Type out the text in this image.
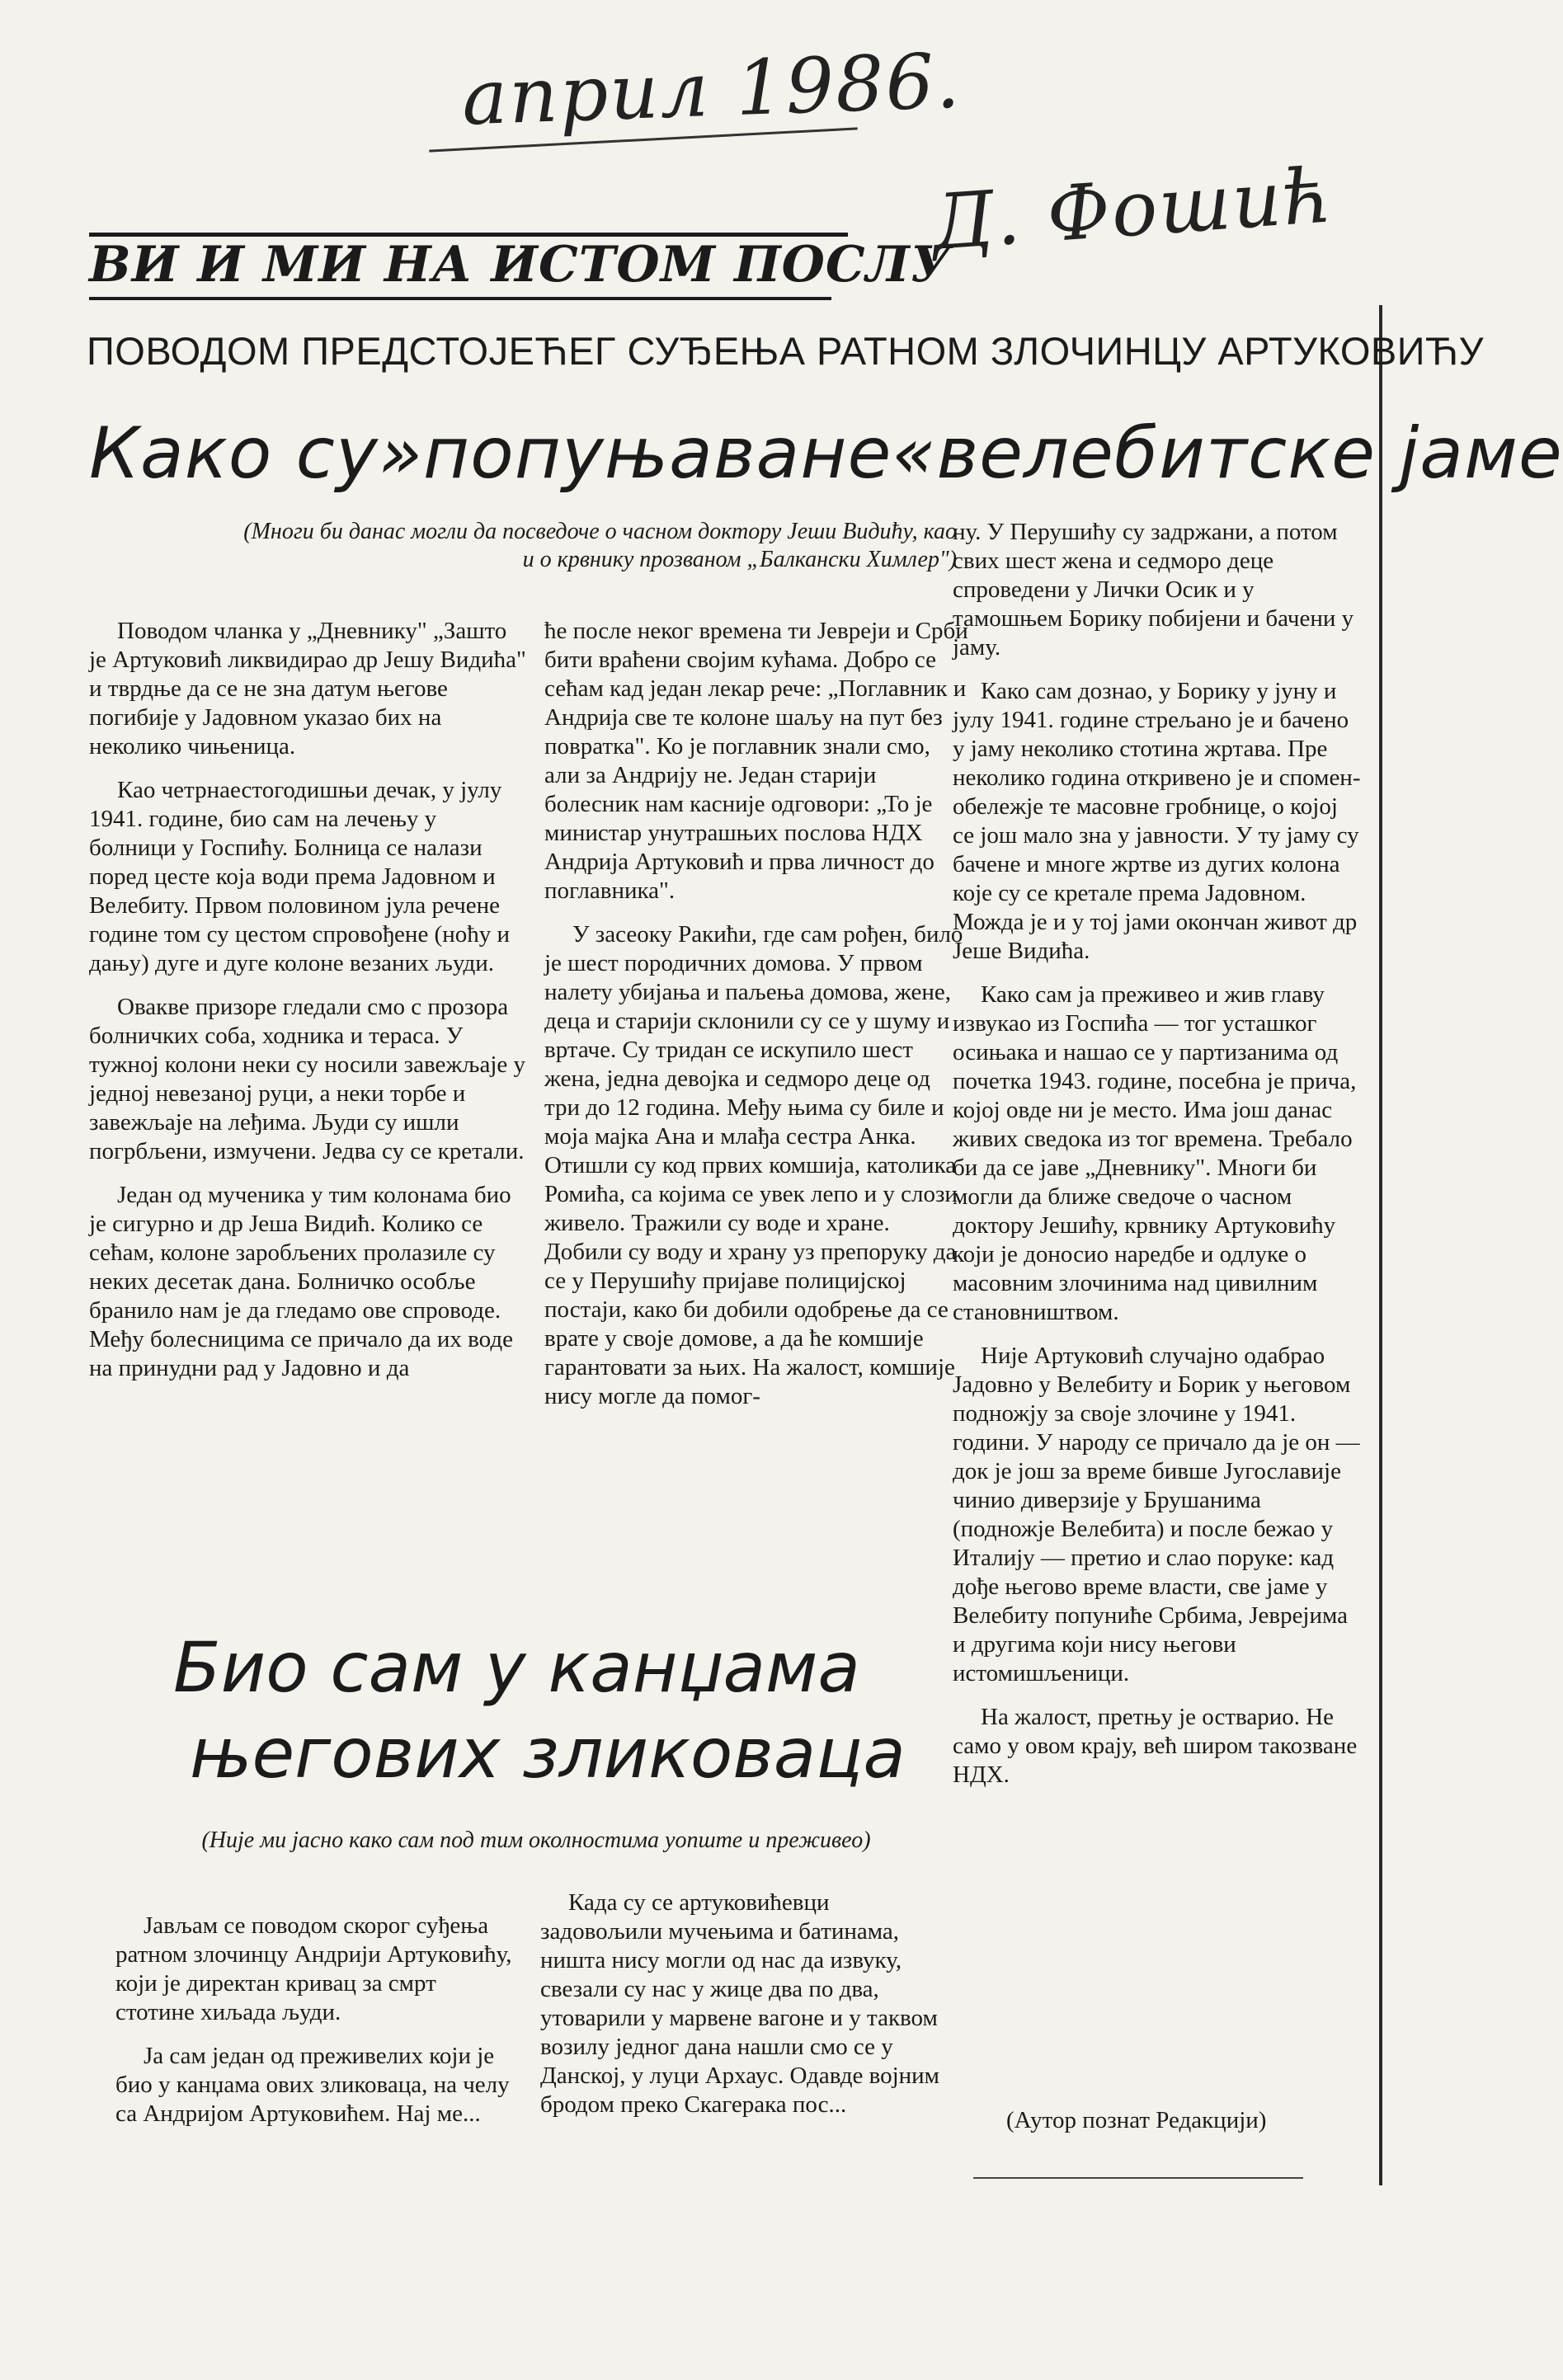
април 1986.
Д. Фошић
ВИ И МИ НА ИСТОМ ПОСЛУ
ПОВОДОМ ПРЕДСТОЈЕЋЕГ СУЂЕЊА РАТНОМ ЗЛОЧИНЦУ АРТУКОВИЋУ
Како су»попуњаване«велебитске јаме
(Многи би данас могли да посведоче о часном доктору Јеши Видићу, као и о крвнику прозваном „Балкански Химлер")

Поводом чланка у „Дневнику" „Зашто је Артуковић ликвидирао др Јешу Видића" и тврдње да се не зна датум његове погибије у Јадовном указао бих на неколико чињеница.

Као четрнаестогодишњи дечак, у јулу 1941. године, био сам на лечењу у болници у Госпићу. Болница се налази поред цесте која води према Јадовном и Велебиту. Првом половином јула речене године том су цестом спровођене (ноћу и дању) дуге и дуге колоне везаних људи.

Овакве призоре гледали смо с прозора болничких соба, ходника и тераса. У тужној колони неки су носили завежљаје у једној невезаној руци, а неки торбе и завежљаје на леђима. Људи су ишли погрбљени, измучени. Једва су се кретали.

Један од мученика у тим колонама био је сигурно и др Јеша Видић. Колико се сећам, колоне заробљених пролазиле су неких десетак дана. Болничко особље бранило нам је да гледамо ове спроводе. Међу болесницима се причало да их воде на принудни рад у Јадовно и да

ће после неког времена ти Јевреји и Срби бити враћени својим кућама. Добро се сећам кад један лекар рече: „Поглавник и Андрија све те колоне шаљу на пут без повратка". Ко је поглавник знали смо, али за Андрију не. Један старији болесник нам касније одговори: „То је министар унутрашњих послова НДХ Андрија Артуковић и прва личност до поглавника".

У засеоку Ракићи, где сам рођен, било је шест породичних домова. У првом налету убијања и паљења домова, жене, деца и старији склонили су се у шуму и вртаче. Су тридан се искупило шест жена, једна девојка и седморо деце од три до 12 година. Међу њима су биле и моја мајка Ана и млађа сестра Анка. Отишли су код првих комшија, католика Ромића, са којима се увек лепо и у слози живело. Тражили су воде и хране. Добили су воду и храну уз препоруку да се у Перушићу пријаве полицијској постаји, како би добили одобрење да се врате у своје домове, а да ће комшије гарантовати за њих. На жалост, комшије нису могле да помог-

ну. У Перушићу су задржани, а потом свих шест жена и седморо деце спроведени у Лички Осик и у тамошњем Борику побијени и бачени у јаму.

Како сам дознао, у Борику у јуну и јулу 1941. године стрељано је и бачено у јаму неколико стотина жртава. Пре неколико година откривено је и спомен-обележје те масовне гробнице, о којој се још мало зна у јавности. У ту јаму су бачене и многе жртве из дугих колона које су се кретале према Јадовном. Можда је и у тој јами окончан живот др Јеше Видића.

Како сам ја преживео и жив главу извукао из Госпића — тог усташког осињака и нашао се у партизанима од почетка 1943. године, посебна је прича, којој овде ни је место. Има још данас живих сведока из тог времена. Требало би да се јаве „Дневнику". Многи би могли да ближе сведоче о часном доктору Јешићу, крвнику Артуковићу који је доносио наредбе и одлуке о масовним злочинима над цивилним становништвом.

Није Артуковић случајно одабрао Јадовно у Велебиту и Борик у његовом подножју за своје злочине у 1941. години. У народу се причало да је он — док је још за време бивше Југославије чинио диверзије у Брушанима (подножје Велебита) и после бежао у Италију — претио и слао поруке: кад дође његово време власти, све јаме у Велебиту попуниће Србима, Јеврејима и другима који нису његови истомишљеници.

На жалост, претњу је остварио. Не само у овом крају, већ широм такозване НДХ.

(Аутор познат Редакцији)
Био сам у канџама
његових зликоваца
(Није ми јасно како сам под тим околностима уопште и преживео)

Јављам се поводом скорог суђења ратном злочинцу Андрији Артуковићу, који је директан кривац за смрт стотине хиљада људи.

Ја сам један од преживелих који је био у канџама ових зликоваца, на челу са Андријом Артуковићем. Нај ме...

Када су се артуковићевци задовољили мучењима и батинама, ништа нису могли од нас да извуку, свезали су нас у жице два по два, утоварили у марвене вагоне и у таквом возилу једног дана нашли смо се у Данској, у луци Архаус. Одавде војним бродом преко Скагерака пос...
